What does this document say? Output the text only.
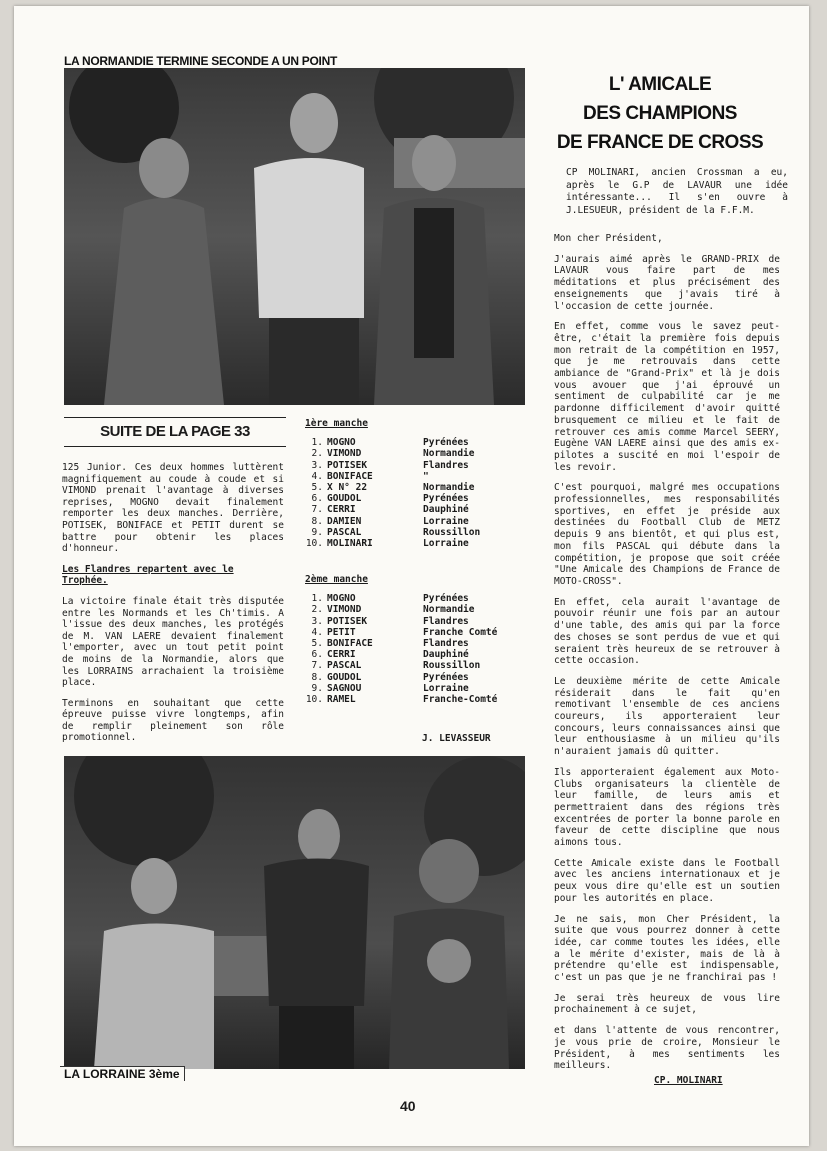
LA NORMANDIE TERMINE SECONDE A UN POINT
L' AMICALE
DES CHAMPIONS
DE FRANCE DE CROSS
CP MOLINARI, ancien Crossman a eu, après le G.P de LAVAUR une idée intéressante... Il s'en ouvre à J.LESUEUR, président de la F.F.M.

Mon cher Président,

J'aurais aimé après le GRAND-PRIX de LAVAUR vous faire part de mes méditations et plus précisément des enseignements que j'avais tiré à l'occasion de cette journée.

En effet, comme vous le savez peut-être, c'était la première fois depuis mon retrait de la compétition en 1957, que je me retrouvais dans cette ambiance de "Grand-Prix" et là je dois vous avouer que j'ai éprouvé un sentiment de culpabilité car je me pardonne difficilement d'avoir quitté brusquement ce milieu et le fait de retrouver ces amis comme Marcel SEERY, Eugène VAN LAERE ainsi que des amis ex-pilotes a suscité en moi l'espoir de les revoir.

C'est pourquoi, malgré mes occupations professionnelles, mes responsabilités sportives, en effet je préside aux destinées du Football Club de METZ depuis 9 ans bientôt, et qui plus est, mon fils PASCAL qui débute dans la compétition, je propose que soit créée "Une Amicale des Champions de France de MOTO-CROSS".

En effet, cela aurait l'avantage de pouvoir réunir une fois par an autour d'une table, des amis qui par la force des choses se sont perdus de vue et qui seraient très heureux de se retrouver à cette occasion.

Le deuxième mérite de cette Amicale résiderait dans le fait qu'en remotivant l'ensemble de ces anciens coureurs, ils apporteraient leur concours, leurs connaissances ainsi que leur enthousiasme à un milieu qu'ils n'auraient jamais dû quitter.

Ils apporteraient également aux Moto-Clubs organisateurs la clientèle de leur famille, de leurs amis et permettraient dans des régions très excentrées de porter la bonne parole en faveur de cette discipline que nous aimons tous.

Cette Amicale existe dans le Football avec les anciens internationaux et je peux vous dire qu'elle est un soutien pour les autorités en place.

Je ne sais, mon Cher Président, la suite que vous pourrez donner à cette idée, car comme toutes les idées, elle a le mérite d'exister, mais de là à prétendre qu'elle est indispensable, c'est un pas que je ne franchirai pas !

Je serai très heureux de vous lire prochainement à ce sujet,

et dans l'attente de vous rencontrer, je vous prie de croire, Monsieur le Président, à mes sentiments les meilleurs.

CP. MOLINARI
SUITE DE LA PAGE 33

125 Junior. Ces deux hommes luttèrent magnifiquement au coude à coude et si VIMOND prenait l'avantage à diverses reprises, MOGNO devait finalement remporter les deux manches. Derrière, POTISEK, BONIFACE et PETIT durent se battre pour obtenir les places d'honneur.

Les Flandres repartent avec le Trophée.

La victoire finale était très disputée entre les Normands et les Ch'timis. A l'issue des deux manches, les protégés de M. VAN LAERE devaient finalement l'emporter, avec un tout petit point de moins de la Normandie, alors que les LORRAINS arrachaient la troisième place.

Terminons en souhaitant que cette épreuve puisse vivre longtemps, afin de remplir pleinement son rôle promotionnel.

1ère manche
1. MOGNO	Pyrénées
2. VIMOND	Normandie
3. POTISEK	Flandres
4. BONIFACE	"
5. X N° 22	Normandie
6. GOUDOL	Pyrénées
7. CERRI	Dauphiné
8. DAMIEN	Lorraine
9. PASCAL	Roussillon
10. MOLINARI	Lorraine
2ème manche
1. MOGNO	Pyrénées
2. VIMOND	Normandie
3. POTISEK	Flandres
4. PETIT	Franche Comté
5. BONIFACE	Flandres
6. CERRI	Dauphiné
7. PASCAL	Roussillon
8. GOUDOL	Pyrénées
9. SAGNOU	Lorraine
10. RAMEL	Franche-Comté
J. LEVASSEUR
LA LORRAINE 3ème
40
